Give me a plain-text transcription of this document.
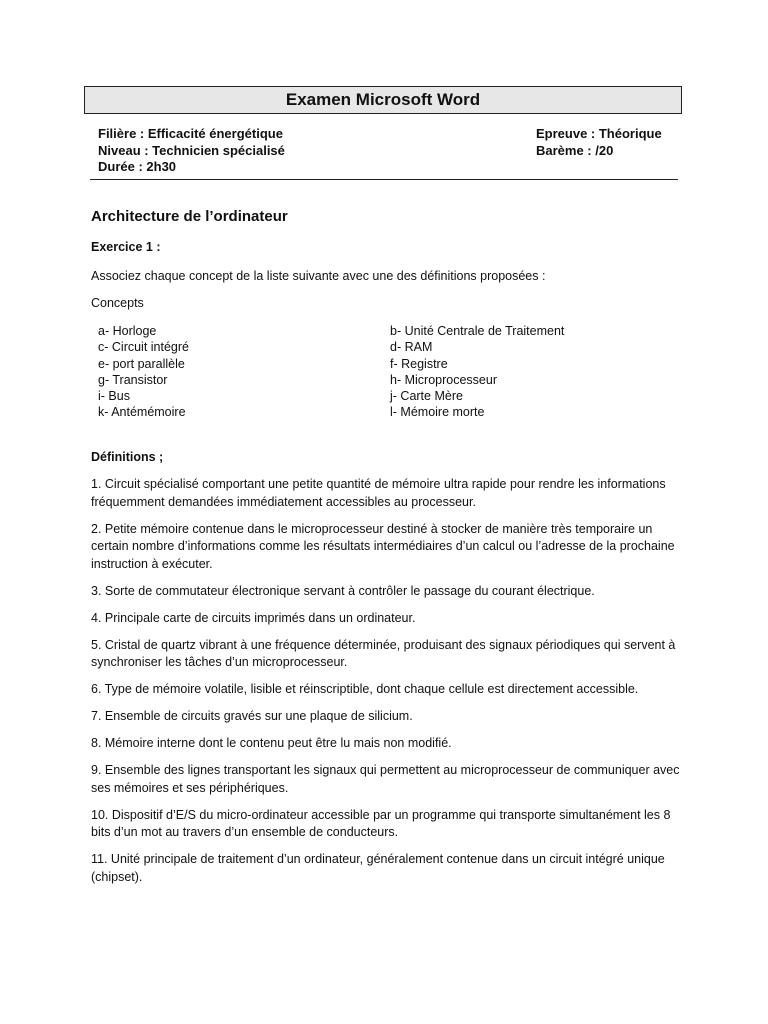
Examen Microsoft Word
Filière : Efficacité énergétique	Epreuve : Théorique
Niveau : Technicien spécialisé	Barème : /20
Durée : 2h30
Architecture de l’ordinateur
Exercice 1 :
Associez chaque concept de la liste suivante avec une des définitions proposées :
Concepts
a- Horloge	b- Unité Centrale de Traitement
c- Circuit intégré	d- RAM
e- port parallèle	f- Registre
g- Transistor	h- Microprocesseur
i- Bus	j- Carte Mère
k- Antémémoire	l- Mémoire morte
Définitions ;

1. Circuit spécialisé comportant une petite quantité de mémoire ultra rapide pour rendre les informations fréquemment demandées immédiatement accessibles au processeur.

2. Petite mémoire contenue dans le microprocesseur destiné à stocker de manière très temporaire un certain nombre d’informations comme les résultats intermédiaires d’un calcul ou l’adresse de la prochaine instruction à exécuter.

3. Sorte de commutateur électronique servant à contrôler le passage du courant électrique.

4. Principale carte de circuits imprimés dans un ordinateur.

5. Cristal de quartz vibrant à une fréquence déterminée, produisant des signaux périodiques qui servent à synchroniser les tâches d’un microprocesseur.

6. Type de mémoire volatile, lisible et réinscriptible, dont chaque cellule est directement accessible.

7. Ensemble de circuits gravés sur une plaque de silicium.

8. Mémoire interne dont le contenu peut être lu mais non modifié.

9. Ensemble des lignes transportant les signaux qui permettent au microprocesseur de communiquer avec ses mémoires et ses périphériques.

10. Dispositif d’E/S du micro-ordinateur accessible par un programme qui transporte simultanément les 8 bits d’un mot au travers d’un ensemble de conducteurs.

11. Unité principale de traitement d’un ordinateur, généralement contenue dans un circuit intégré unique (chipset).
